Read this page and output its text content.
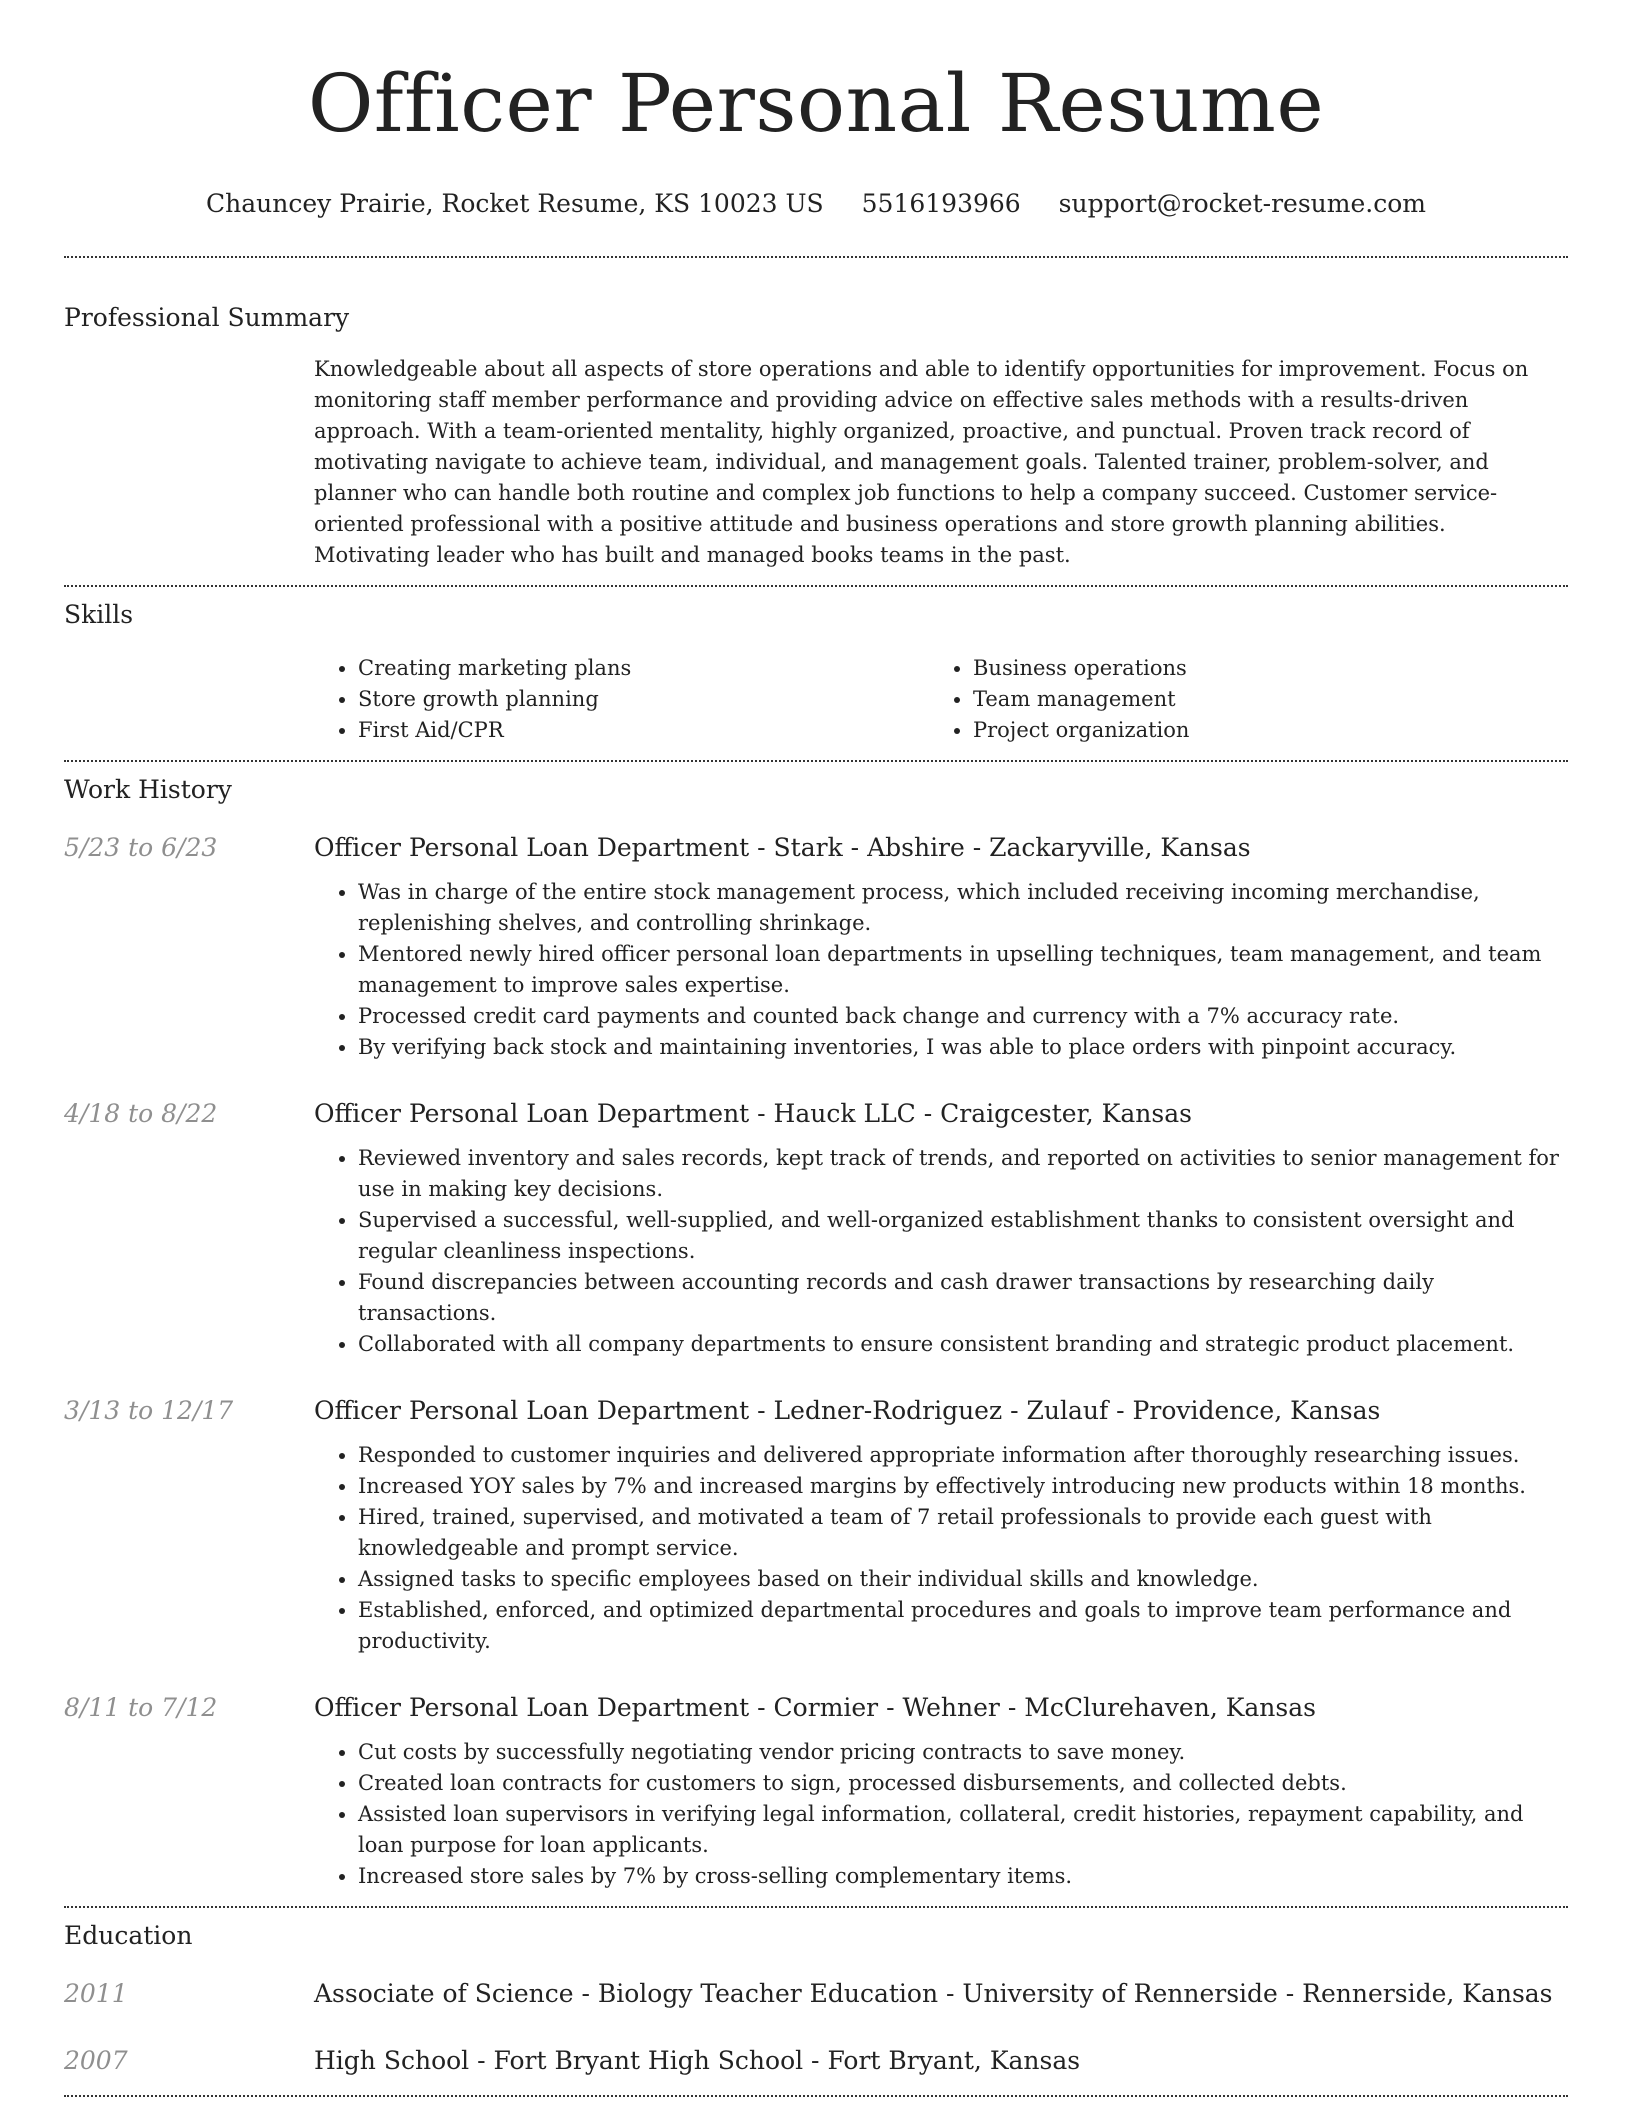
Officer Personal Resume
Chauncey Prairie, Rocket Resume, KS 10023 US 5516193966 support@rocket-resume.com
Professional Summary
Knowledgeable about all aspects of store operations and able to identify opportunities for improvement. Focus on monitoring staff member performance and providing advice on effective sales methods with a results-driven approach. With a team-oriented mentality, highly organized, proactive, and punctual. Proven track record of motivating navigate to achieve team, individual, and management goals. Talented trainer, problem-solver, and planner who can handle both routine and complex job functions to help a company succeed. Customer service-oriented professional with a positive attitude and business operations and store growth planning abilities. Motivating leader who has built and managed books teams in the past.
Skills
• Creating marketing plans
• Store growth planning
• First Aid/CPR
• Business operations
• Team management
• Project organization
Work History
5/23 to 6/23	Officer Personal Loan Department - Stark - Abshire - Zackaryville, Kansas
• Was in charge of the entire stock management process, which included receiving incoming merchandise, replenishing shelves, and controlling shrinkage.
• Mentored newly hired officer personal loan departments in upselling techniques, team management, and team management to improve sales expertise.
• Processed credit card payments and counted back change and currency with a 7% accuracy rate.
• By verifying back stock and maintaining inventories, I was able to place orders with pinpoint accuracy.
4/18 to 8/22	Officer Personal Loan Department - Hauck LLC - Craigcester, Kansas
• Reviewed inventory and sales records, kept track of trends, and reported on activities to senior management for use in making key decisions.
• Supervised a successful, well-supplied, and well-organized establishment thanks to consistent oversight and regular cleanliness inspections.
• Found discrepancies between accounting records and cash drawer transactions by researching daily transactions.
• Collaborated with all company departments to ensure consistent branding and strategic product placement.
3/13 to 12/17	Officer Personal Loan Department - Ledner-Rodriguez - Zulauf - Providence, Kansas
• Responded to customer inquiries and delivered appropriate information after thoroughly researching issues.
• Increased YOY sales by 7% and increased margins by effectively introducing new products within 18 months.
• Hired, trained, supervised, and motivated a team of 7 retail professionals to provide each guest with knowledgeable and prompt service.
• Assigned tasks to specific employees based on their individual skills and knowledge.
• Established, enforced, and optimized departmental procedures and goals to improve team performance and productivity.
8/11 to 7/12	Officer Personal Loan Department - Cormier - Wehner - McClurehaven, Kansas
• Cut costs by successfully negotiating vendor pricing contracts to save money.
• Created loan contracts for customers to sign, processed disbursements, and collected debts.
• Assisted loan supervisors in verifying legal information, collateral, credit histories, repayment capability, and loan purpose for loan applicants.
• Increased store sales by 7% by cross-selling complementary items.
Education
2011	Associate of Science - Biology Teacher Education - University of Rennerside - Rennerside, Kansas
2007	High School - Fort Bryant High School - Fort Bryant, Kansas
